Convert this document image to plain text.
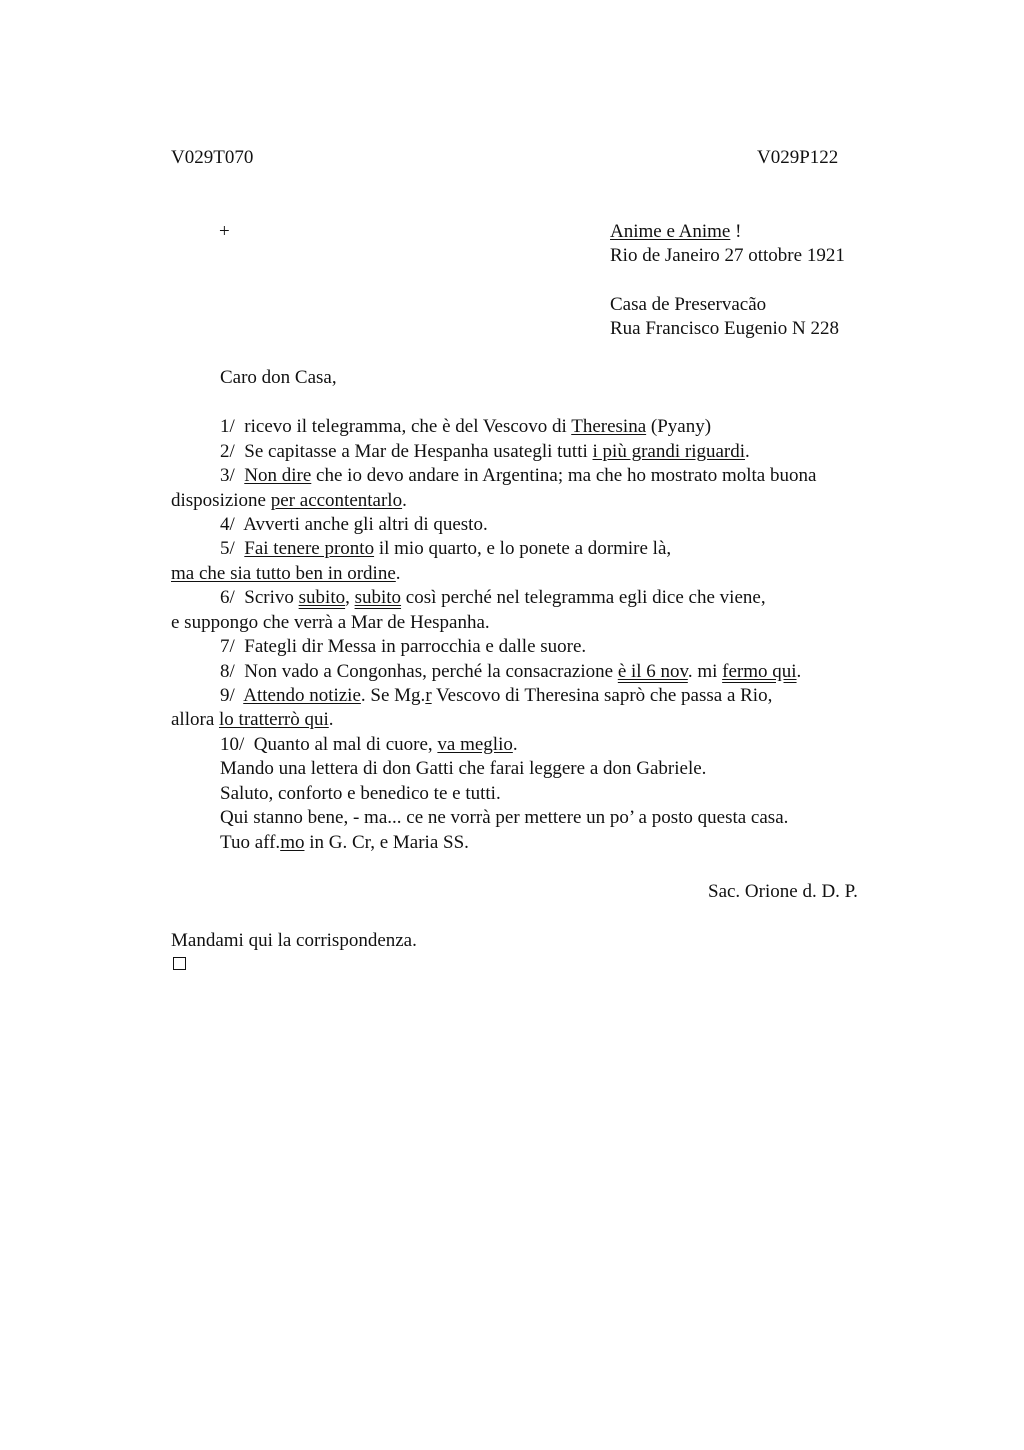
V029T070	V029P122
+	Anime e Anime !
Rio de Janeiro 27 ottobre 1921
Casa de Preservacão
Rua Francisco Eugenio N 228
Caro don Casa,
1/ ricevo il telegramma, che è del Vescovo di Theresina (Pyany)
2/ Se capitasse a Mar de Hespanha usategli tutti i più grandi riguardi.
3/ Non dire che io devo andare in Argentina; ma che ho mostrato molta buona
disposizione per accontentarlo.
4/ Avverti anche gli altri di questo.
5/ Fai tenere pronto il mio quarto, e lo ponete a dormire là,
ma che sia tutto ben in ordine.
6/ Scrivo subito, subito così perché nel telegramma egli dice che viene,
e suppongo che verrà a Mar de Hespanha.
7/ Fategli dir Messa in parrocchia e dalle suore.
8/ Non vado a Congonhas, perché la consacrazione è il 6 nov. mi fermo qui.
9/ Attendo notizie. Se Mg.r Vescovo di Theresina saprò che passa a Rio,
allora lo tratterrò qui.
10/ Quanto al mal di cuore, va meglio.
Mando una lettera di don Gatti che farai leggere a don Gabriele.
Saluto, conforto e benedico te e tutti.
Qui stanno bene, - ma... ce ne vorrà per mettere un po’ a posto questa casa.
Tuo aff.mo in G. Cr, e Maria SS.
Sac. Orione d. D. P.
Mandami qui la corrispondenza.
